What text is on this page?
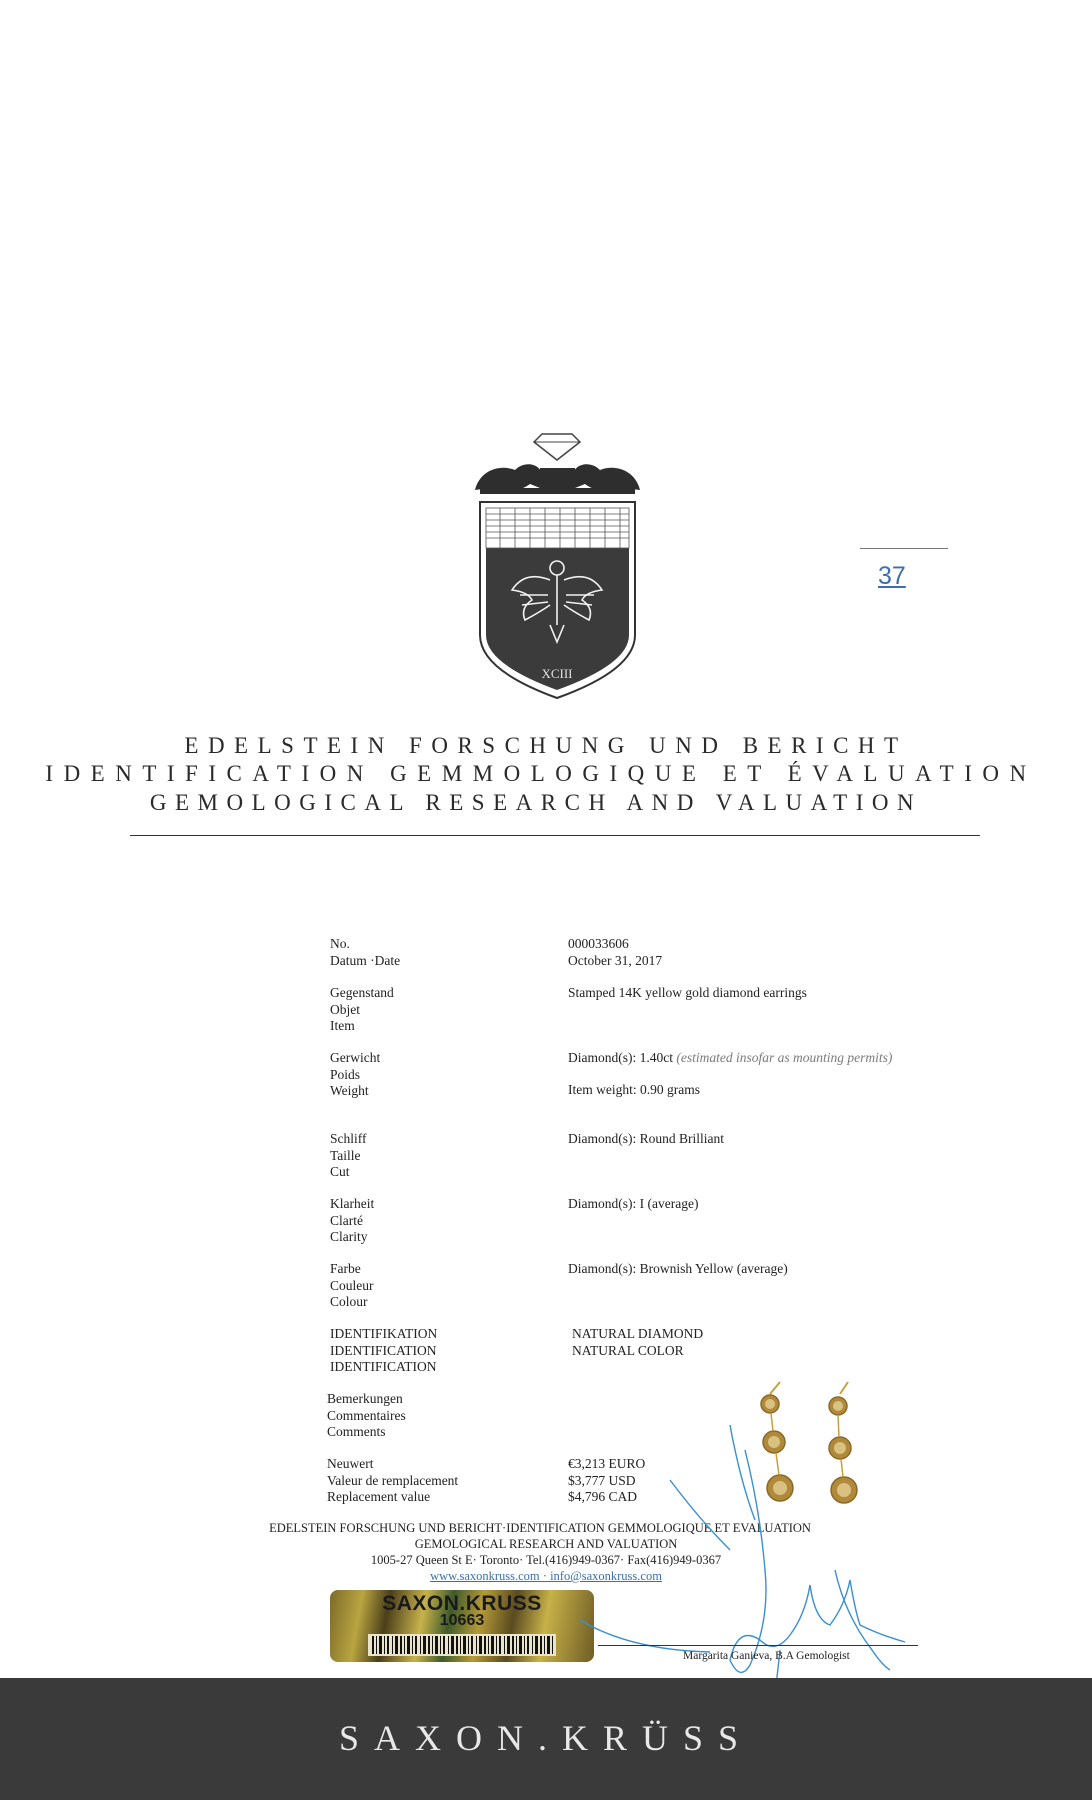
XCIII
37
EDELSTEIN FORSCHUNG UND BERICHT
IDENTIFICATION GEMMOLOGIQUE ET ÉVALUATION
GEMOLOGICAL RESEARCH AND VALUATION
No.
Datum ·Date
000033606
October 31, 2017
Gegenstand
Objet
Item
Stamped 14K yellow gold diamond earrings
Gerwicht
Poids
Weight
Diamond(s): 1.40ct (estimated insofar as mounting permits)
Item weight: 0.90 grams
Schliff
Taille
Cut
Diamond(s): Round Brilliant
Klarheit
Clarté
Clarity
Diamond(s): I (average)
Farbe
Couleur
Colour
Diamond(s): Brownish Yellow (average)
IDENTIFIKATION
IDENTIFICATION
IDENTIFICATION
NATURAL DIAMOND
NATURAL COLOR
Bemerkungen
Commentaires
Comments
Neuwert
Valeur de remplacement
Replacement value
€3,213 EURO
$3,777 USD
$4,796 CAD
EDELSTEIN FORSCHUNG UND BERICHT·IDENTIFICATION GEMMOLOGIQUE ET EVALUATION
GEMOLOGICAL RESEARCH AND VALUATION
1005-27 Queen St E· Toronto· Tel.(416)949-0367· Fax(416)949-0367
www.saxonkruss.com · info@saxonkruss.com
SAXON.KRUSS
10663
Margarita Ganieva, B.A Gemologist
SAXON.KRÜSS
